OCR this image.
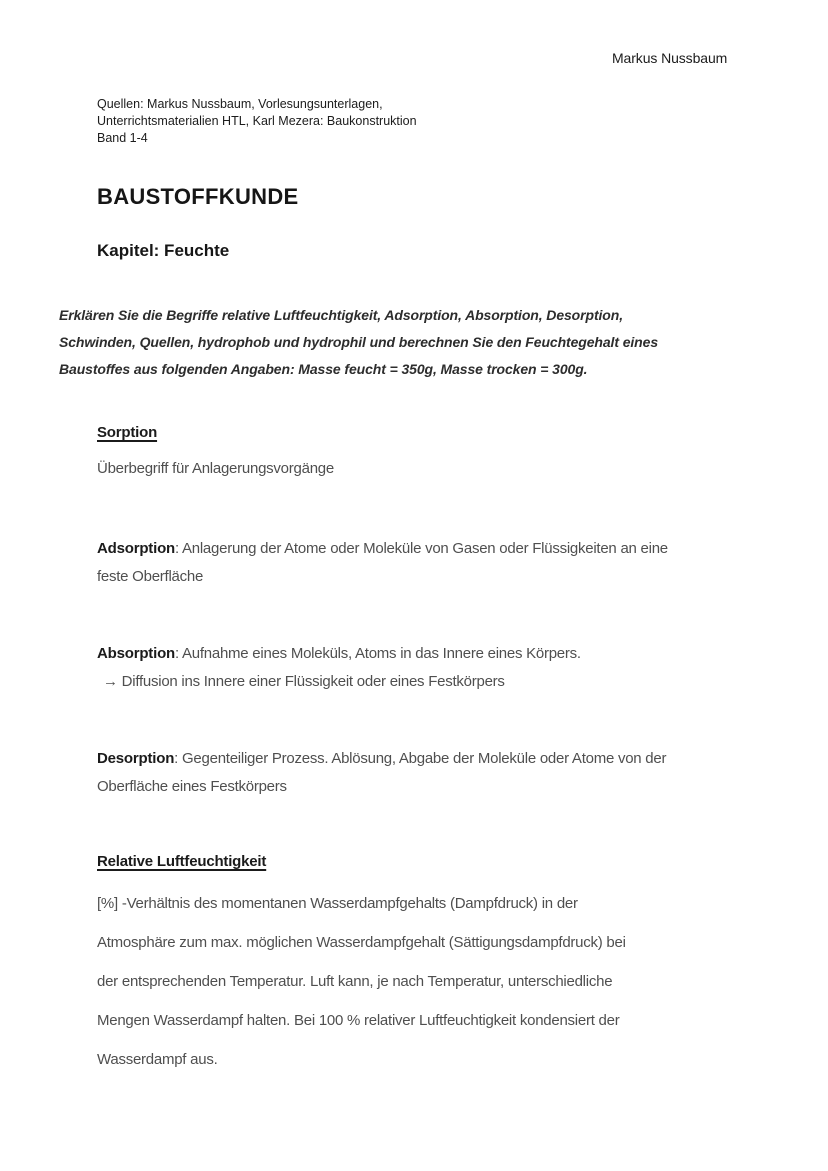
Markus Nussbaum
Quellen: Markus Nussbaum, Vorlesungsunterlagen,
Unterrichtsmaterialien HTL, Karl Mezera: Baukonstruktion
Band 1-4
BAUSTOFFKUNDE
Kapitel: Feuchte
Erklären Sie die Begriffe relative Luftfeuchtigkeit, Adsorption, Absorption, Desorption,
Schwinden, Quellen, hydrophob und hydrophil und berechnen Sie den Feuchtegehalt eines
Baustoffes aus folgenden Angaben: Masse feucht = 350g, Masse trocken = 300g.
Sorption
Überbegriff für Anlagerungsvorgänge
Adsorption: Anlagerung der Atome oder Moleküle von Gasen oder Flüssigkeiten an eine
feste Oberfläche
Absorption: Aufnahme eines Moleküls, Atoms in das Innere eines Körpers.
→ Diffusion ins Innere einer Flüssigkeit oder eines Festkörpers
Desorption: Gegenteiliger Prozess. Ablösung, Abgabe der Moleküle oder Atome von der
Oberfläche eines Festkörpers
Relative Luftfeuchtigkeit
[%] -Verhältnis des momentanen Wasserdampfgehalts (Dampfdruck) in der
Atmosphäre zum max. möglichen Wasserdampfgehalt (Sättigungsdampfdruck) bei
der entsprechenden Temperatur. Luft kann, je nach Temperatur, unterschiedliche
Mengen Wasserdampf halten. Bei 100 % relativer Luftfeuchtigkeit kondensiert der
Wasserdampf aus.
